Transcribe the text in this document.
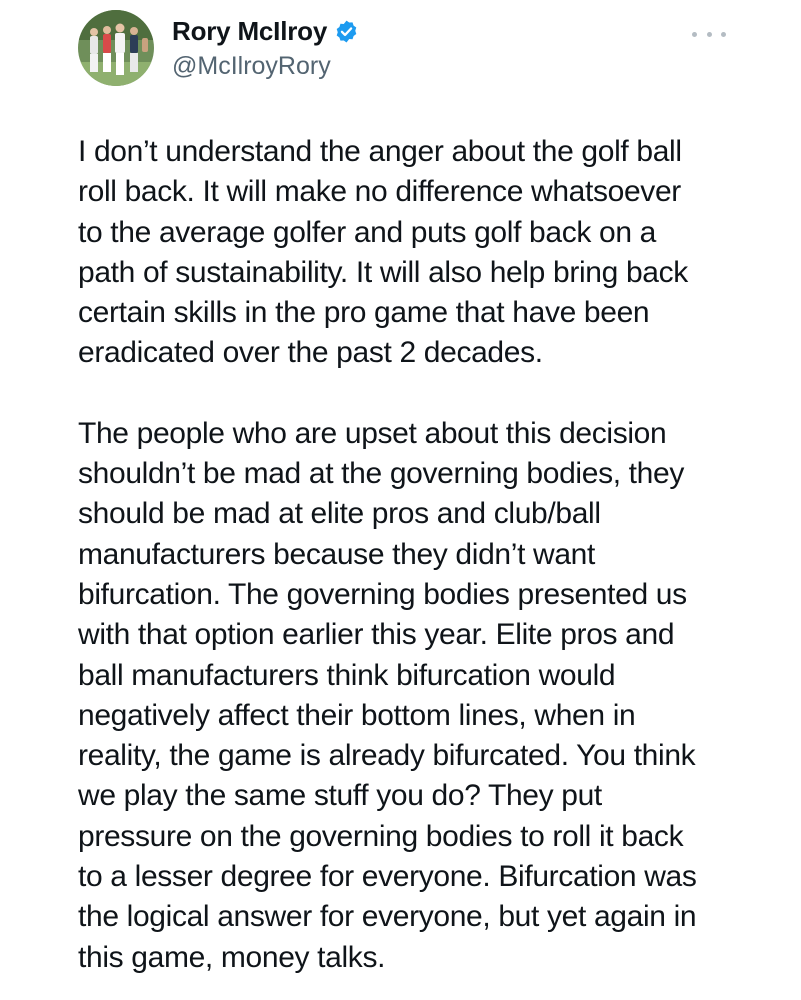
Rory McIlroy
@McIlroyRory

I don’t understand the anger about the golf ball
roll back. It will make no difference whatsoever
to the average golfer and puts golf back on a
path of sustainability. It will also help bring back
certain skills in the pro game that have been
eradicated over the past 2 decades.

The people who are upset about this decision
shouldn’t be mad at the governing bodies, they
should be mad at elite pros and club/ball
manufacturers because they didn’t want
bifurcation. The governing bodies presented us
with that option earlier this year. Elite pros and
ball manufacturers think bifurcation would
negatively affect their bottom lines, when in
reality, the game is already bifurcated. You think
we play the same stuff you do? They put
pressure on the governing bodies to roll it back
to a lesser degree for everyone. Bifurcation was
the logical answer for everyone, but yet again in
this game, money talks.
